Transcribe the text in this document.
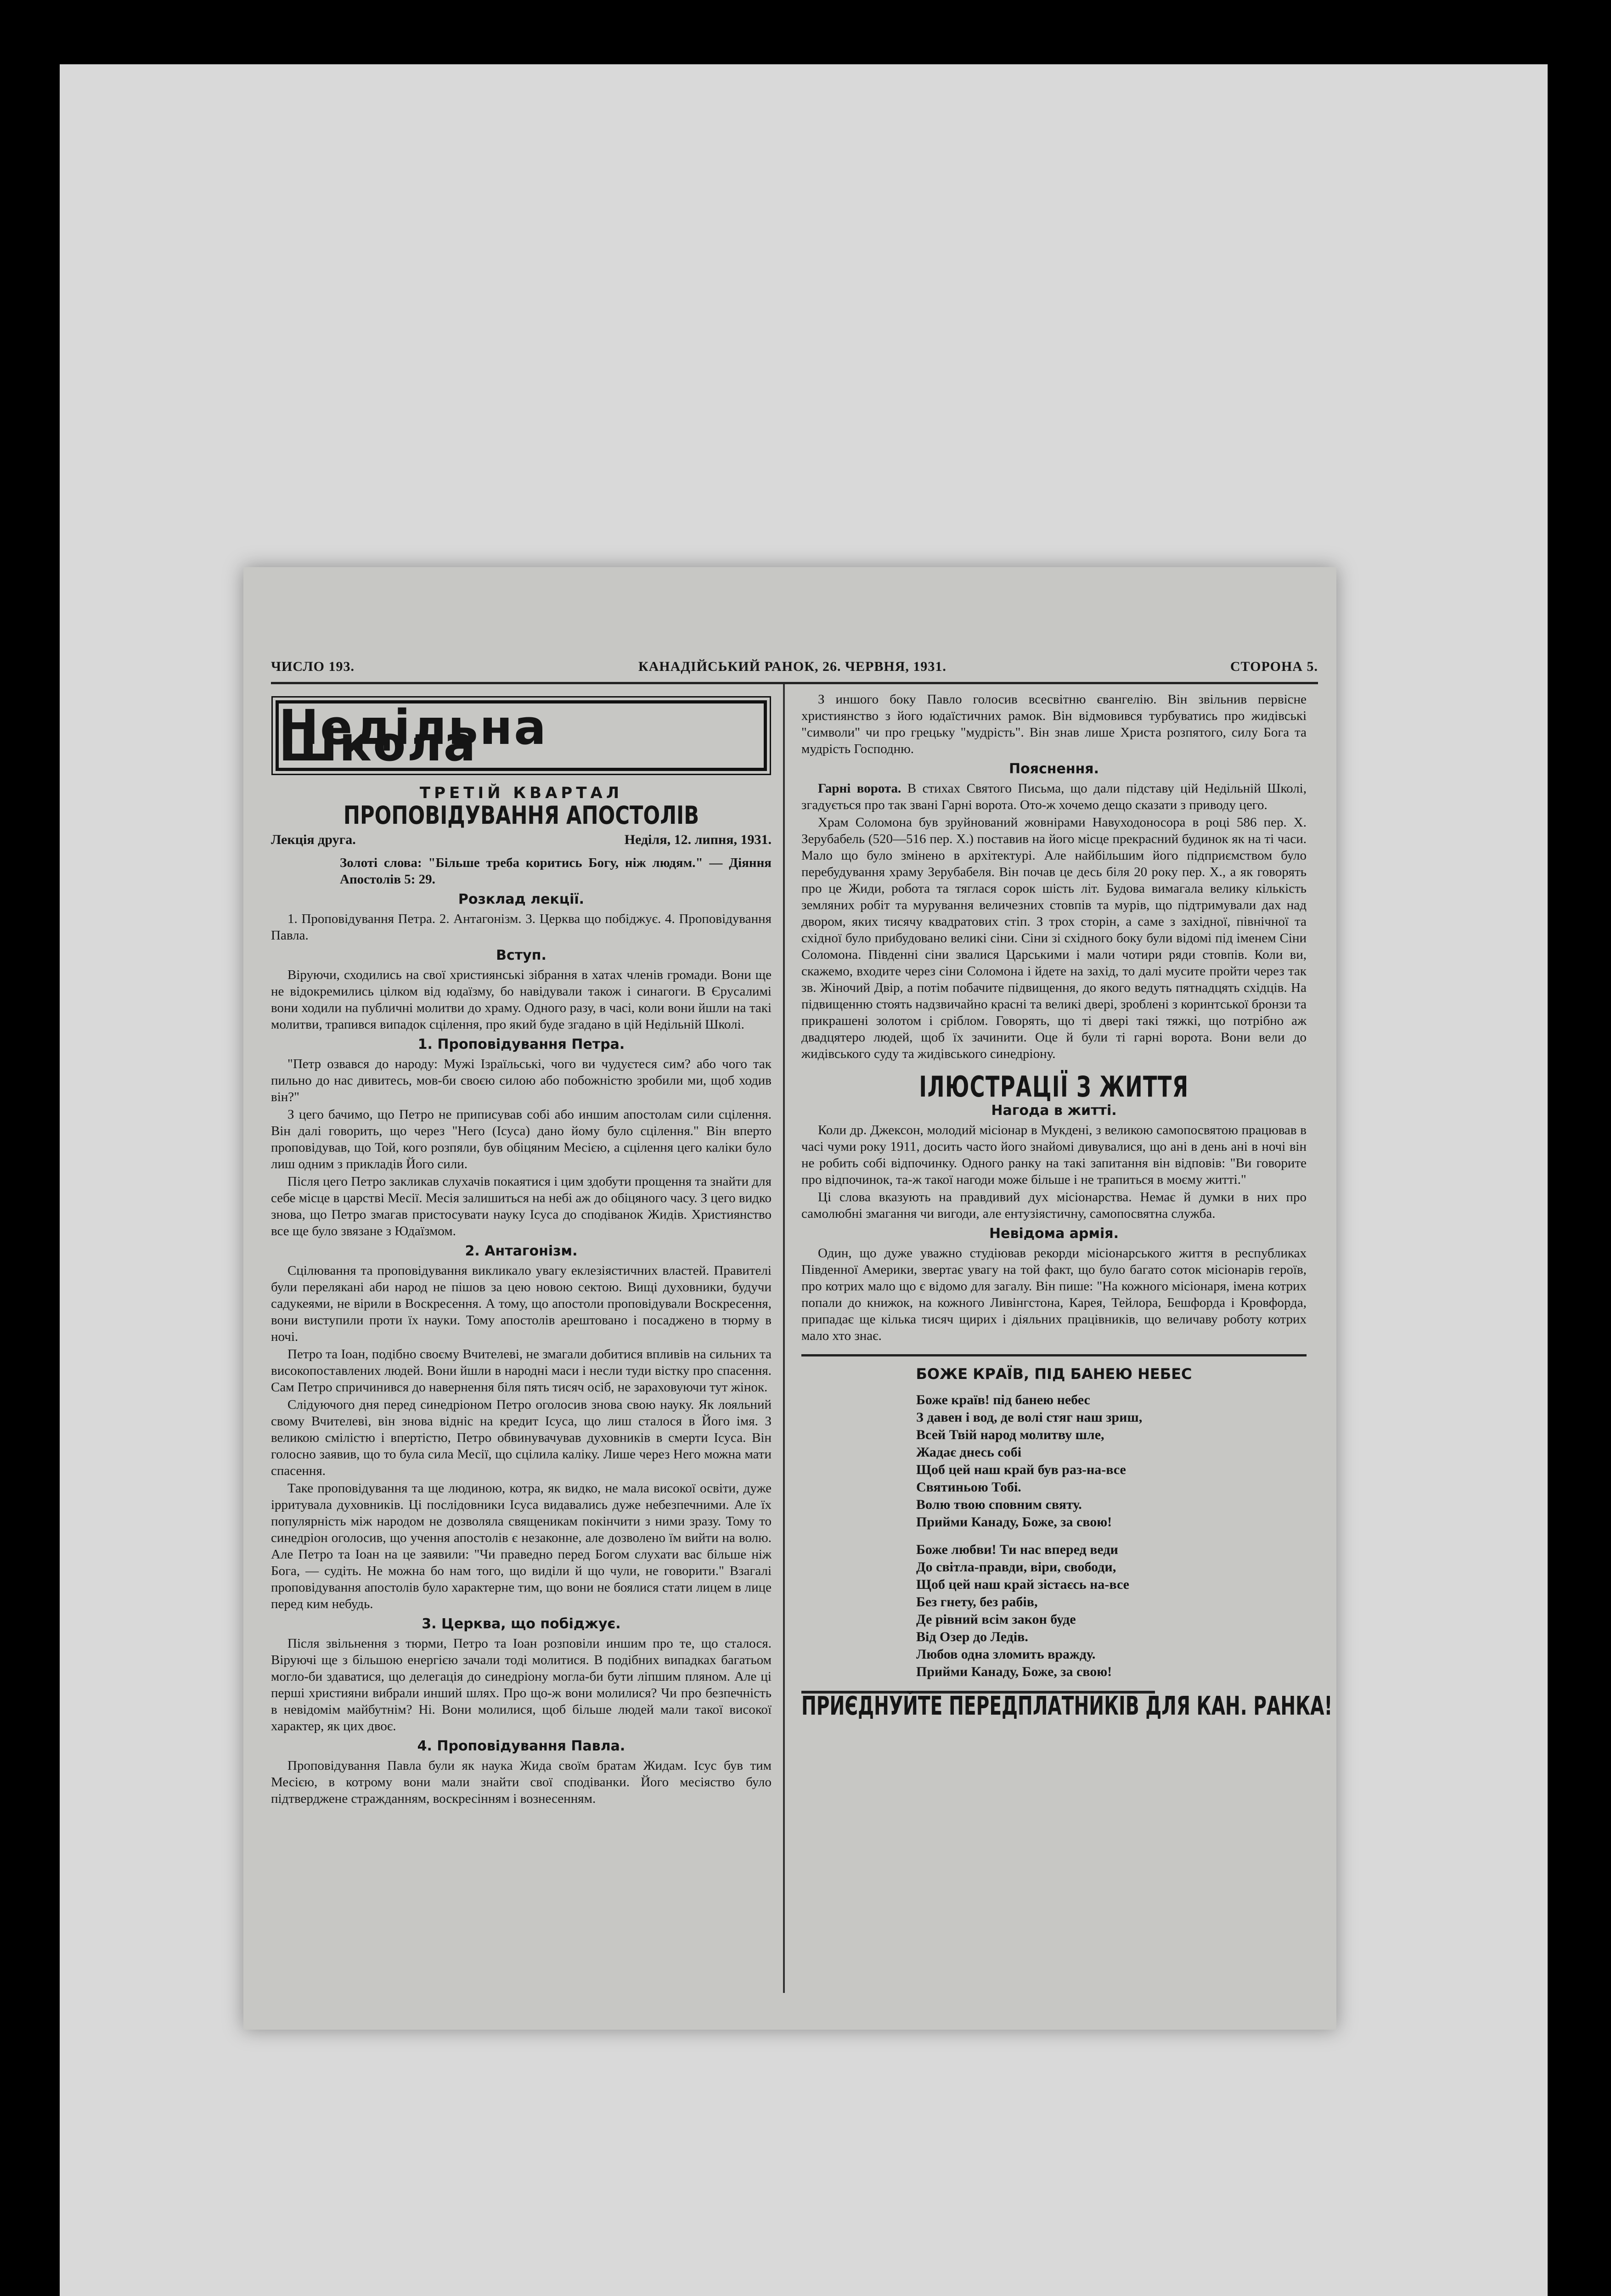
ЧИСЛО 193.	КАНАДІЙСЬКИЙ РАНОК, 26. ЧЕРВНЯ, 1931.	СТОРОНА 5.
Недільна Школа
ТРЕТІЙ КВАРТАЛ
ПРОПОВІДУВАННЯ АПОСТОЛІВ
Лекція друга.	Неділя, 12. липня, 1931.

Золоті слова: "Більше треба коритись Богу, ніж людям." — Діяння Апостолів 5: 29.

Розклад лекції.

1. Проповідування Петра. 2. Антагонізм. 3. Церква що побіджує. 4. Проповідування Павла.

Вступ.

Віруючи, сходились на свої християнські зібрання в хатах членів громади. Вони ще не відокремились цілком від юдаїзму, бо навідували також і синагоги. В Єрусалимі вони ходили на публичні молитви до храму. Одного разу, в часі, коли вони йшли на такі молитви, трапився випадок сцілення, про який буде згадано в цій Недільній Школі.

1. Проповідування Петра.

"Петр озвався до народу: Мужі Ізраїльські, чого ви чудуєтеся сим? або чого так пильно до нас дивитесь, мов-би своєю силою або побожністю зробили ми, щоб ходив він?"

З цего бачимо, що Петро не приписував собі або иншим апостолам сили сцілення. Він далі говорить, що через "Него (Ісуса) дано йому було сцілення." Він вперто проповідував, що Той, кого розпяли, був обіцяним Месією, а сцілення цего каліки було лиш одним з прикладів Його сили.

Після цего Петро закликав слухачів покаятися і цим здобути прощення та знайти для себе місце в царстві Месії. Месія залишиться на небі аж до обіцяного часу. З цего видко знова, що Петро змагав пристосувати науку Ісуса до сподіванок Жидів. Християнство все ще було звязане з Юдаїзмом.

2. Антагонізм.

Сцілювання та проповідування викликало увагу еклезіястичних властей. Правителі були переляканi аби народ не пішов за цею новою сектою. Вищі духовники, будучи садукеями, не вірили в Воскресення. А тому, що апостоли проповідували Воскресення, вони виступили проти їх науки. Тому апостолів арештовано і посаджено в тюрму в ночі.

Петро та Іоан, подібно своєму Вчителеві, не змагали добитися впливів на сильних та високопоставлених людей. Вони йшли в народні маси і несли туди вістку про спасення. Сам Петро спричинився до навернення біля пять тисяч осіб, не зараховуючи тут жінок.

Слідуючого дня перед синедріоном Петро оголосив знова свою науку. Як лояльний свому Вчителеві, він знова віднiс на кредит Ісуса, що лиш сталося в Його імя. З великою смілістю і впертістю, Петро обвинувачував духовників в смерти Ісуса. Він голосно заявив, що то була сила Месії, що сцілила каліку. Лише через Него можна мати спасення.

Таке проповідування та ще людиною, котра, як видко, не мала високої освіти, дуже ірритувала духовників. Ці послідовники Ісуса видавались дуже небезпечними. Але їх популярність між народом не дозволяла священикам покінчити з ними зразу. Тому то синедріон оголосив, що учення апостолів є незаконне, але дозволено їм вийти на волю. Але Петро та Іоан на це заявили: "Чи праведно перед Богом слухати вас більше ніж Бога, — судіть. Не можна бо нам того, що видiли й що чули, не говорити." Взагалі проповідування апостолів було характерне тим, що вони не боялися стати лицем в лице перед ким небудь.

3. Церква, що побіджує.

Після звільнення з тюрми, Петро та Іоан розповіли иншим про те, що сталося. Віруючі ще з більшою енергією зачали тоді молитися. В подібних випадках багатьом могло-би здаватися, що делегація до синедріону могла-би бути ліпшим пляном. Але ці перші християни вибрали инший шлях. Про що-ж вони молилися? Чи про безпечність в невідомім майбутнім? Ні. Вони молилися, щоб більше людей мали такої високої характер, як цих двоє.

4. Проповідування Павла.

Проповідування Павла були як наука Жида своїм братам Жидам. Ісус був тим Месією, в котрому вони мали знайти свої сподіванки. Його месіяство було підтверджене стражданням, воскресінням і вознесенням.

З иншого боку Павло голосив всесвітню євангелію. Він звільнив первісне християнство з його юдаїстичних рамок. Він відмовився турбуватись про жидівські "символи" чи про грецьку "мудрість". Він знав лише Христа розпятого, силу Бога та мудрість Господню.

Пояснення.

Гарні ворота. В стихах Святого Письма, що дали підставу цій Недільній Школі, згадується про так звані Гарні ворота. Ото-ж хочемо дещо сказати з приводу цего.

Храм Соломона був зруйнований жовнірами Навуходоносора в році 586 пер. Х. Зерубабель (520—516 пер. Х.) поставив на його місце прекрасний будинок як на ті часи. Мало що було змінено в архітектурі. Але найбільшим його підприємством було перебудування храму Зерубабеля. Він почав це десь біля 20 року пер. Х., а як говорять про це Жиди, робота та тяглася сорок шість літ. Будова вимагала велику кількість земляних робіт та мурування величезних стовпів та мурів, що підтримували дах над двором, яких тисячу квадратових стіп. З трох сторін, а саме з західної, північної та східної було прибудовано великі сіни. Сіни зі східного боку були відомі під іменем Сіни Соломона. Південні сіни звалися Царськими і мали чотири ряди стовпів. Коли ви, скажемо, входите через сіни Соломона і йдете на захід, то далі мусите пройти через так зв. Жіночий Двір, а потім побачите підвищення, до якого ведуть пятнадцять східців. На підвищенню стоять надзвичайно красні та великі двері, зроблені з коринтської бронзи та прикрашені золотом і сріблом. Говорять, що ті двері такі тяжкі, що потрібно аж двадцятеро людей, щоб їх зачинити. Оце й були ті гарні ворота. Вони вели до жидівського суду та жидівського синедріону.

ІЛЮСТРАЦІЇ З ЖИТТЯ
Нагода в житті.

Коли др. Джексон, молодий місіонар в Мукдені, з великою самопосвятою працював в часі чуми року 1911, досить часто його знайомі дивувалися, що ані в день ані в ночі він не робить собі відпочинку. Одного ранку на такі запитання він відповів: "Ви говорите про відпочинок, та-ж такої нагоди може більше і не трапиться в моєму житті."

Ці слова вказують на правдивий дух місіонарства. Немає й думки в них про самолюбні змагання чи вигоди, але ентузіястичну, самопосвятна служба.

Невідома армія.

Один, що дуже уважно студіював рекорди місіонарського життя в республиках Південної Америки, звертає увагу на той факт, що було багато соток місіонарів героїв, про котрих мало що є відомо для загалу. Він пише: "На кожного місіонаря, імена котрих попали до книжок, на кожного Ливінгстона, Карея, Тейлора, Бешфорда і Кровфорда, припадає ще кілька тисяч щирих і діяльних працівників, що величаву роботу котрих мало хто знає.

БОЖЕ КРАЇВ, ПІД БАНЕЮ НЕБЕС
Боже країв! під банею небес
З давен і вод, де волі стяг наш зриш,
Всей Твій народ молитву шле,
Жадає днесь собі
Щоб цей наш край був раз-на-все
Святиньою Тобі.
Волю твою сповним святу.
Прийми Канаду, Боже, за свою!
Боже любви! Ти нас вперед веди
До світла-правди, віри, свободи,
Щоб цей наш край зістаєсь на-все
Без гнету, без рабів,
Де рівний всім закон буде
Від Озер до Ледів.
Любов одна зломить вражду.
Прийми Канаду, Боже, за свою!
ПРИЄДНУЙТЕ ПЕРЕДПЛАТНИКІВ ДЛЯ КАН. РАНКА!
